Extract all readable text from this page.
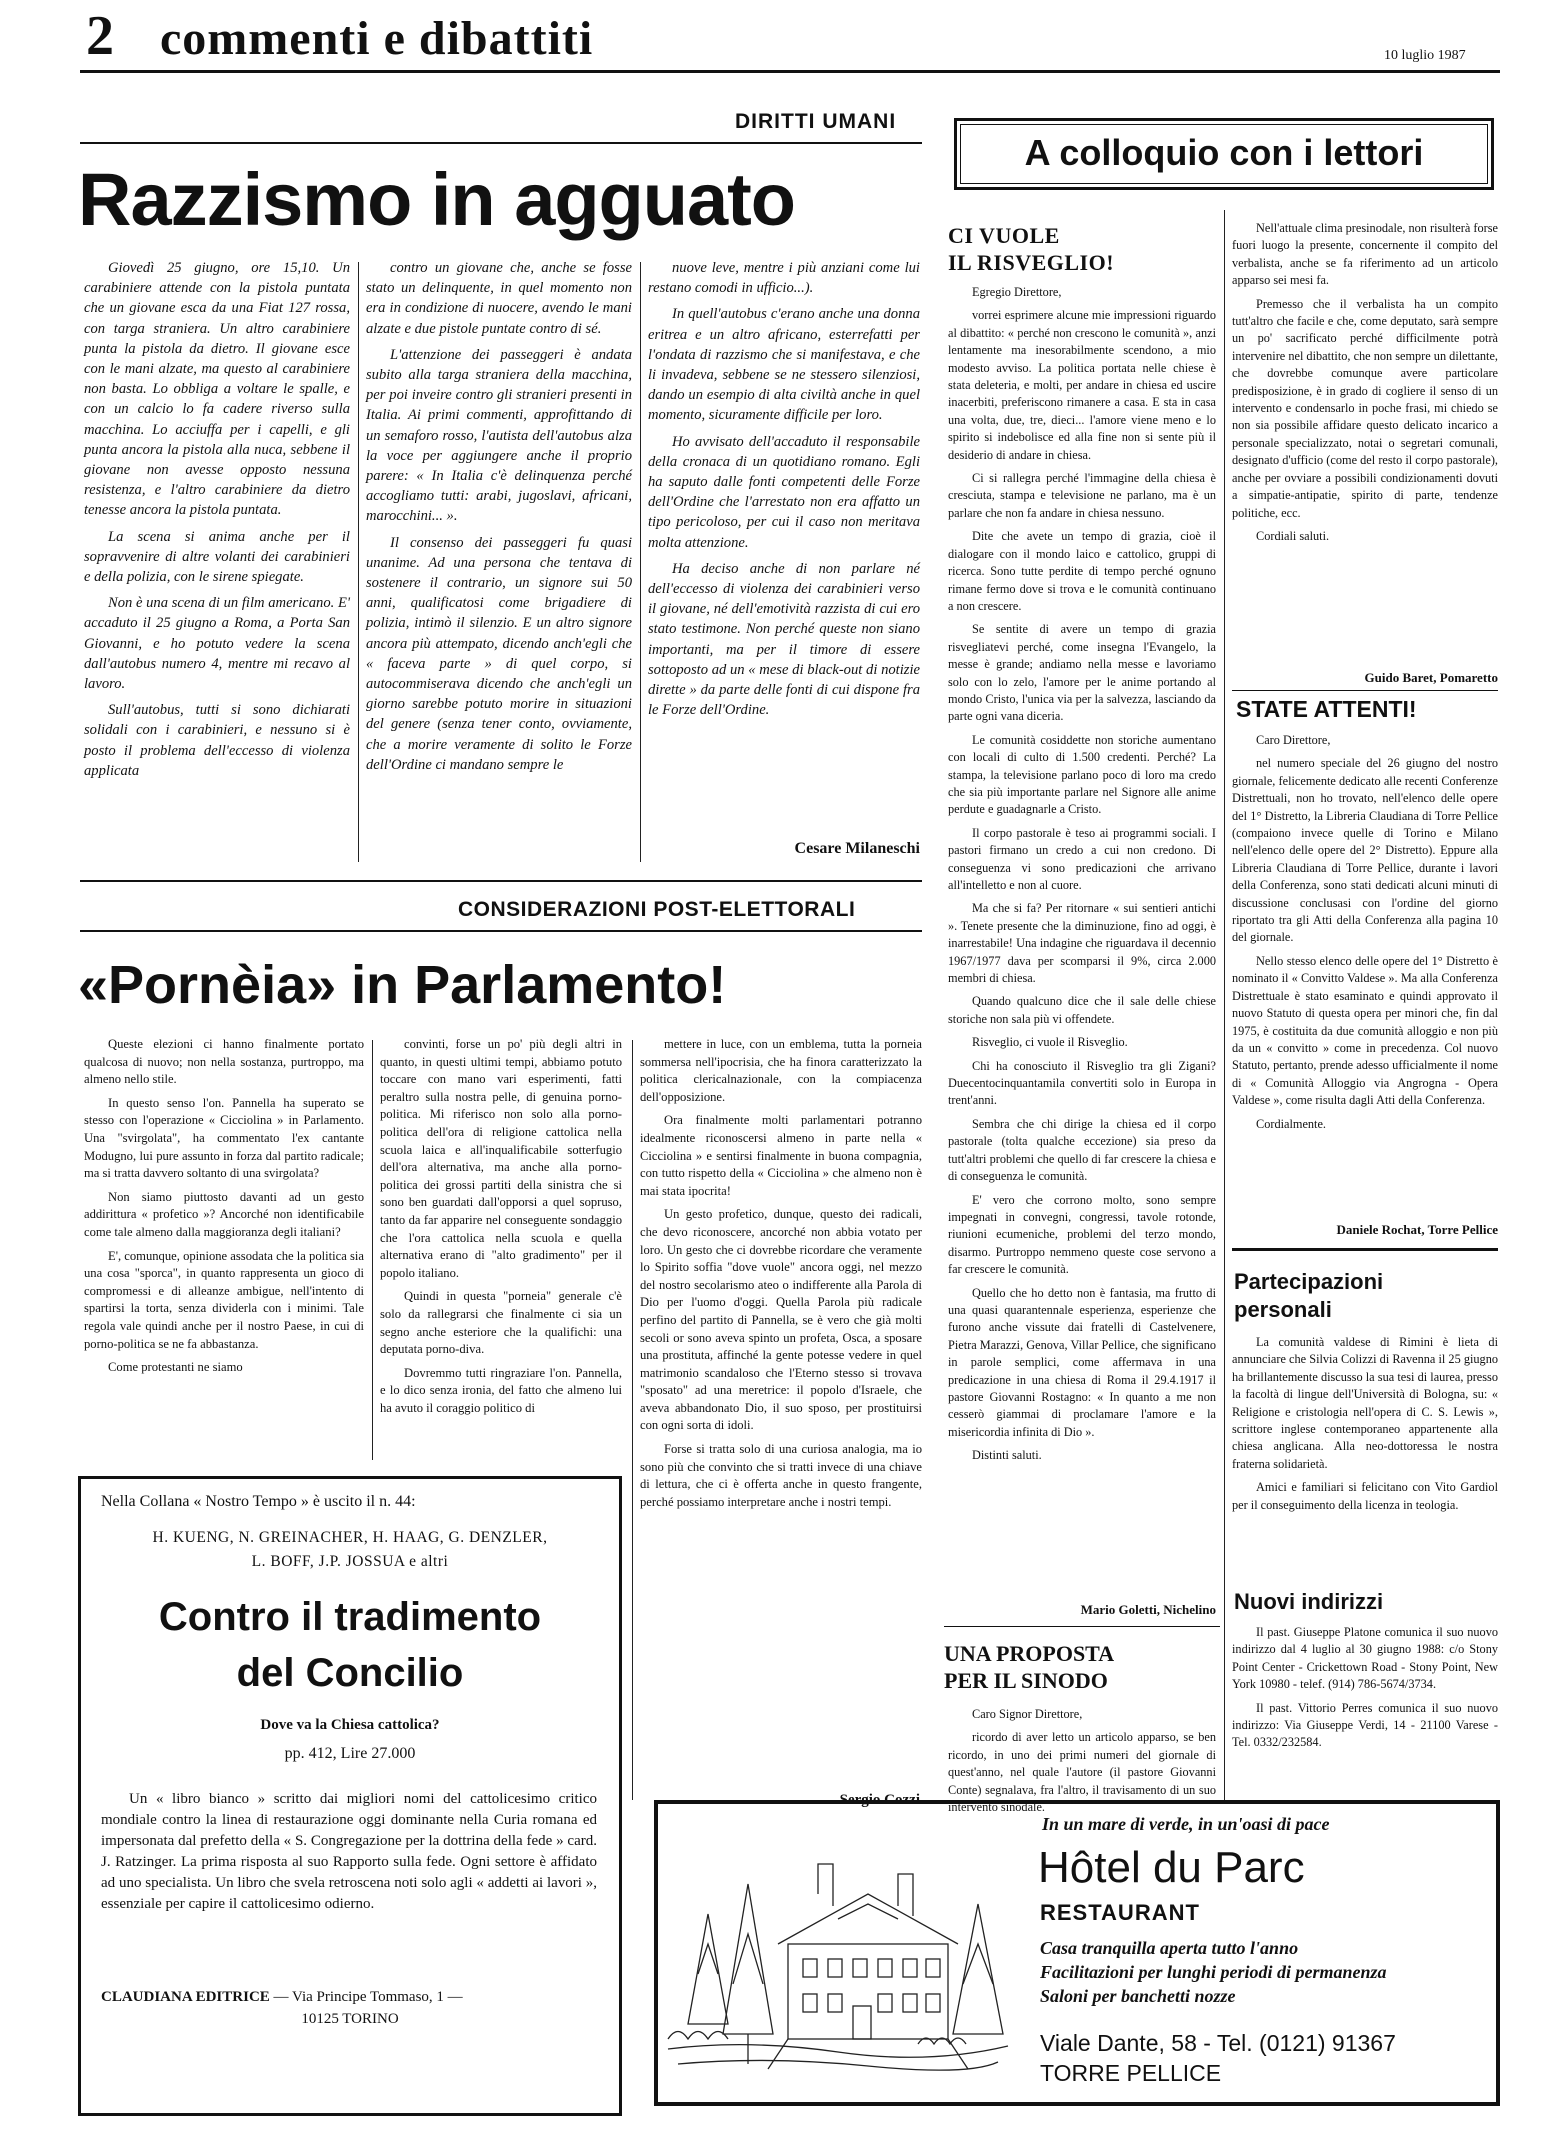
2 commenti e dibattiti	10 luglio 1987
DIRITTI UMANI
Razzismo in agguato

Giovedì 25 giugno, ore 15,10. Un carabiniere attende con la pistola puntata che un giovane esca da una Fiat 127 rossa, con targa straniera. Un altro carabiniere punta la pistola da dietro. Il giovane esce con le mani alzate, ma questo al carabiniere non basta. Lo obbliga a voltare le spalle, e con un calcio lo fa cadere riverso sulla macchina. Lo acciuffa per i capelli, e gli punta ancora la pistola alla nuca, sebbene il giovane non avesse opposto nessuna resistenza, e l'altro carabiniere da dietro tenesse ancora la pistola puntata.

La scena si anima anche per il sopravvenire di altre volanti dei carabinieri e della polizia, con le sirene spiegate.

Non è una scena di un film americano. E' accaduto il 25 giugno a Roma, a Porta San Giovanni, e ho potuto vedere la scena dall'autobus numero 4, mentre mi recavo al lavoro.

Sull'autobus, tutti si sono dichiarati solidali con i carabinieri, e nessuno si è posto il problema dell'eccesso di violenza applicata

contro un giovane che, anche se fosse stato un delinquente, in quel momento non era in condizione di nuocere, avendo le mani alzate e due pistole puntate contro di sé.

L'attenzione dei passeggeri è andata subito alla targa straniera della macchina, per poi inveire contro gli stranieri presenti in Italia. Ai primi commenti, approfittando di un semaforo rosso, l'autista dell'autobus alza la voce per aggiungere anche il proprio parere: « In Italia c'è delinquenza perché accogliamo tutti: arabi, jugoslavi, africani, marocchini... ».

Il consenso dei passeggeri fu quasi unanime. Ad una persona che tentava di sostenere il contrario, un signore sui 50 anni, qualificatosi come brigadiere di polizia, intimò il silenzio. E un altro signore ancora più attempato, dicendo anch'egli che « faceva parte » di quel corpo, si autocommiserava dicendo che anch'egli un giorno sarebbe potuto morire in situazioni del genere (senza tener conto, ovviamente, che a morire veramente di solito le Forze dell'Ordine ci mandano sempre le

nuove leve, mentre i più anziani come lui restano comodi in ufficio...).

In quell'autobus c'erano anche una donna eritrea e un altro africano, esterrefatti per l'ondata di razzismo che si manifestava, e che li invadeva, sebbene se ne stessero silenziosi, dando un esempio di alta civiltà anche in quel momento, sicuramente difficile per loro.

Ho avvisato dell'accaduto il responsabile della cronaca di un quotidiano romano. Egli ha saputo dalle fonti competenti delle Forze dell'Ordine che l'arrestato non era affatto un tipo pericoloso, per cui il caso non meritava molta attenzione.

Ha deciso anche di non parlare né dell'eccesso di violenza dei carabinieri verso il giovane, né dell'emotività razzista di cui ero stato testimone. Non perché queste non siano importanti, ma per il timore di essere sottoposto ad un « mese di black-out di notizie dirette » da parte delle fonti di cui dispone fra le Forze dell'Ordine.

Cesare Milaneschi
CONSIDERAZIONI POST-ELETTORALI
«Pornèia» in Parlamento!

Queste elezioni ci hanno finalmente portato qualcosa di nuovo; non nella sostanza, purtroppo, ma almeno nello stile.

In questo senso l'on. Pannella ha superato se stesso con l'operazione « Cicciolina » in Parlamento. Una "svirgolata", ha commentato l'ex cantante Modugno, lui pure assunto in forza dal partito radicale; ma si tratta davvero soltanto di una svirgolata?

Non siamo piuttosto davanti ad un gesto addirittura « profetico »? Ancorché non identificabile come tale almeno dalla maggioranza degli italiani?

E', comunque, opinione assodata che la politica sia una cosa "sporca", in quanto rappresenta un gioco di compromessi e di alleanze ambigue, nell'intento di spartirsi la torta, senza dividerla con i minimi. Tale regola vale quindi anche per il nostro Paese, in cui di porno-politica se ne fa abbastanza.

Come protestanti ne siamo

convinti, forse un po' più degli altri in quanto, in questi ultimi tempi, abbiamo potuto toccare con mano vari esperimenti, fatti peraltro sulla nostra pelle, di genuina porno-politica. Mi riferisco non solo alla porno-politica dell'ora di religione cattolica nella scuola laica e all'inqualificabile sotterfugio dell'ora alternativa, ma anche alla porno-politica dei grossi partiti della sinistra che si sono ben guardati dall'opporsi a quel sopruso, tanto da far apparire nel conseguente sondaggio che l'ora cattolica nella scuola e quella alternativa erano di "alto gradimento" per il popolo italiano.

Quindi in questa "porneia" generale c'è solo da rallegrarsi che finalmente ci sia un segno anche esteriore che la qualifichi: una deputata porno-diva.

Dovremmo tutti ringraziare l'on. Pannella, e lo dico senza ironia, del fatto che almeno lui ha avuto il coraggio politico di

mettere in luce, con un emblema, tutta la porneia sommersa nell'ipocrisia, che ha finora caratterizzato la politica clericalnazionale, con la compiacenza dell'opposizione.

Ora finalmente molti parlamentari potranno idealmente riconoscersi almeno in parte nella « Cicciolina » e sentirsi finalmente in buona compagnia, con tutto rispetto della « Cicciolina » che almeno non è mai stata ipocrita!

Un gesto profetico, dunque, questo dei radicali, che devo riconoscere, ancorché non abbia votato per loro. Un gesto che ci dovrebbe ricordare che veramente lo Spirito soffia "dove vuole" ancora oggi, nel mezzo del nostro secolarismo ateo o indifferente alla Parola di Dio per l'uomo d'oggi. Quella Parola più radicale perfino del partito di Pannella, se è vero che già molti secoli or sono aveva spinto un profeta, Osca, a sposare una prostituta, affinché la gente potesse vedere in quel matrimonio scandaloso che l'Eterno stesso si trovava "sposato" ad una meretrice: il popolo d'Israele, che aveva abbandonato Dio, il suo sposo, per prostituirsi con ogni sorta di idoli.

Forse si tratta solo di una curiosa analogia, ma io sono più che convinto che si tratti invece di una chiave di lettura, che ci è offerta anche in questo frangente, perché possiamo interpretare anche i nostri tempi.

Sergio Cozzi
Nella Collana « Nostro Tempo » è uscito il n. 44:
H. KUENG, N. GREINACHER, H. HAAG, G. DENZLER,
L. BOFF, J.P. JOSSUA e altri
Contro il tradimento
del Concilio
Dove va la Chiesa cattolica?
pp. 412, Lire 27.000
Un « libro bianco » scritto dai migliori nomi del cattolicesimo critico mondiale contro la linea di restaurazione oggi dominante nella Curia romana ed impersonata dal prefetto della « S. Congregazione per la dottrina della fede » card. J. Ratzinger. La prima risposta al suo Rapporto sulla fede. Ogni settore è affidato ad uno specialista. Un libro che svela retroscena noti solo agli « addetti ai lavori », essenziale per capire il cattolicesimo odierno.
CLAUDIANA EDITRICE — Via Principe Tommaso, 1 —
10125 TORINO
A colloquio con i lettori
CI VUOLE
IL RISVEGLIO!

Egregio Direttore,

vorrei esprimere alcune mie impressioni riguardo al dibattito: « perché non crescono le comunità », anzi lentamente ma inesorabilmente scendono, a mio modesto avviso. La politica portata nelle chiese è stata deleteria, e molti, per andare in chiesa ed uscire inacerbiti, preferiscono rimanere a casa. E sta in casa una volta, due, tre, dieci... l'amore viene meno e lo spirito si indebolisce ed alla fine non si sente più il desiderio di andare in chiesa.

Ci si rallegra perché l'immagine della chiesa è cresciuta, stampa e televisione ne parlano, ma è un parlare che non fa andare in chiesa nessuno.

Dite che avete un tempo di grazia, cioè il dialogare con il mondo laico e cattolico, gruppi di ricerca. Sono tutte perdite di tempo perché ognuno rimane fermo dove si trova e le comunità continuano a non crescere.

Se sentite di avere un tempo di grazia risvegliatevi perché, come insegna l'Evangelo, la messe è grande; andiamo nella messe e lavoriamo solo con lo zelo, l'amore per le anime portando al mondo Cristo, l'unica via per la salvezza, lasciando da parte ogni vana diceria.

Le comunità cosiddette non storiche aumentano con locali di culto di 1.500 credenti. Perché? La stampa, la televisione parlano poco di loro ma credo che sia più importante parlare nel Signore alle anime perdute e guadagnarle a Cristo.

Il corpo pastorale è teso ai programmi sociali. I pastori firmano un credo a cui non credono. Di conseguenza vi sono predicazioni che arrivano all'intelletto e non al cuore.

Ma che si fa? Per ritornare « sui sentieri antichi ». Tenete presente che la diminuzione, fino ad oggi, è inarrestabile! Una indagine che riguardava il decennio 1967/1977 dava per scomparsi il 9%, circa 2.000 membri di chiesa.

Quando qualcuno dice che il sale delle chiese storiche non sala più vi offendete.

Risveglio, ci vuole il Risveglio.

Chi ha conosciuto il Risveglio tra gli Zigani? Duecentocinquantamila convertiti solo in Europa in trent'anni.

Sembra che chi dirige la chiesa ed il corpo pastorale (tolta qualche eccezione) sia preso da tutt'altri problemi che quello di far crescere la chiesa e di conseguenza le comunità.

E' vero che corrono molto, sono sempre impegnati in convegni, congressi, tavole rotonde, riunioni ecumeniche, problemi del terzo mondo, disarmo. Purtroppo nemmeno queste cose servono a far crescere le comunità.

Quello che ho detto non è fantasia, ma frutto di una quasi quarantennale esperienza, esperienze che furono anche vissute dai fratelli di Castelvenere, Pietra Marazzi, Genova, Villar Pellice, che significano in parole semplici, come affermava in una predicazione in una chiesa di Roma il 29.4.1917 il pastore Giovanni Rostagno: « In quanto a me non cesserò giammai di proclamare l'amore e la misericordia infinita di Dio ».

Distinti saluti.

Mario Goletti, Nichelino
UNA PROPOSTA
PER IL SINODO

Caro Signor Direttore,

ricordo di aver letto un articolo apparso, se ben ricordo, in uno dei primi numeri del giornale di quest'anno, nel quale l'autore (il pastore Giovanni Conte) segnalava, fra l'altro, il travisamento di un suo intervento sinodale.

Nell'attuale clima presinodale, non risulterà forse fuori luogo la presente, concernente il compito del verbalista, anche se fa riferimento ad un articolo apparso sei mesi fa.

Premesso che il verbalista ha un compito tutt'altro che facile e che, come deputato, sarà sempre un po' sacrificato perché difficilmente potrà intervenire nel dibattito, che non sempre un dilettante, che dovrebbe comunque avere particolare predisposizione, è in grado di cogliere il senso di un intervento e condensarlo in poche frasi, mi chiedo se non sia possibile affidare questo delicato incarico a personale specializzato, notai o segretari comunali, designato d'ufficio (come del resto il corpo pastorale), anche per ovviare a possibili condizionamenti dovuti a simpatie-antipatie, spirito di parte, tendenze politiche, ecc.

Cordiali saluti.

Guido Baret, Pomaretto
STATE ATTENTI!

Caro Direttore,

nel numero speciale del 26 giugno del nostro giornale, felicemente dedicato alle recenti Conferenze Distrettuali, non ho trovato, nell'elenco delle opere del 1° Distretto, la Libreria Claudiana di Torre Pellice (compaiono invece quelle di Torino e Milano nell'elenco delle opere del 2° Distretto). Eppure alla Libreria Claudiana di Torre Pellice, durante i lavori della Conferenza, sono stati dedicati alcuni minuti di discussione conclusasi con l'ordine del giorno riportato tra gli Atti della Conferenza alla pagina 10 del giornale.

Nello stesso elenco delle opere del 1° Distretto è nominato il « Convitto Valdese ». Ma alla Conferenza Distrettuale è stato esaminato e quindi approvato il nuovo Statuto di questa opera per minori che, fin dal 1975, è costituita da due comunità alloggio e non più da un « convitto » come in precedenza. Col nuovo Statuto, pertanto, prende adesso ufficialmente il nome di « Comunità Alloggio via Angrogna - Opera Valdese », come risulta dagli Atti della Conferenza.

Cordialmente.

Daniele Rochat, Torre Pellice
Partecipazioni
personali

La comunità valdese di Rimini è lieta di annunciare che Silvia Colizzi di Ravenna il 25 giugno ha brillantemente discusso la sua tesi di laurea, presso la facoltà di lingue dell'Università di Bologna, su: « Religione e cristologia nell'opera di C. S. Lewis », scrittore inglese contemporaneo appartenente alla chiesa anglicana. Alla neo-dottoressa le nostra fraterna solidarietà.

Amici e familiari si felicitano con Vito Gardiol per il conseguimento della licenza in teologia.

Nuovi indirizzi

Il past. Giuseppe Platone comunica il suo nuovo indirizzo dal 4 luglio al 30 giugno 1988: c/o Stony Point Center - Crickettown Road - Stony Point, New York 10980 - telef. (914) 786-5674/3734.

Il past. Vittorio Perres comunica il suo nuovo indirizzo: Via Giuseppe Verdi, 14 - 21100 Varese - Tel. 0332/232584.

In un mare di verde, in un'oasi di pace
Hôtel du Parc
RESTAURANT
Casa tranquilla aperta tutto l'anno
Facilitazioni per lunghi periodi di permanenza
Saloni per banchetti nozze
Viale Dante, 58 - Tel. (0121) 91367
TORRE PELLICE
